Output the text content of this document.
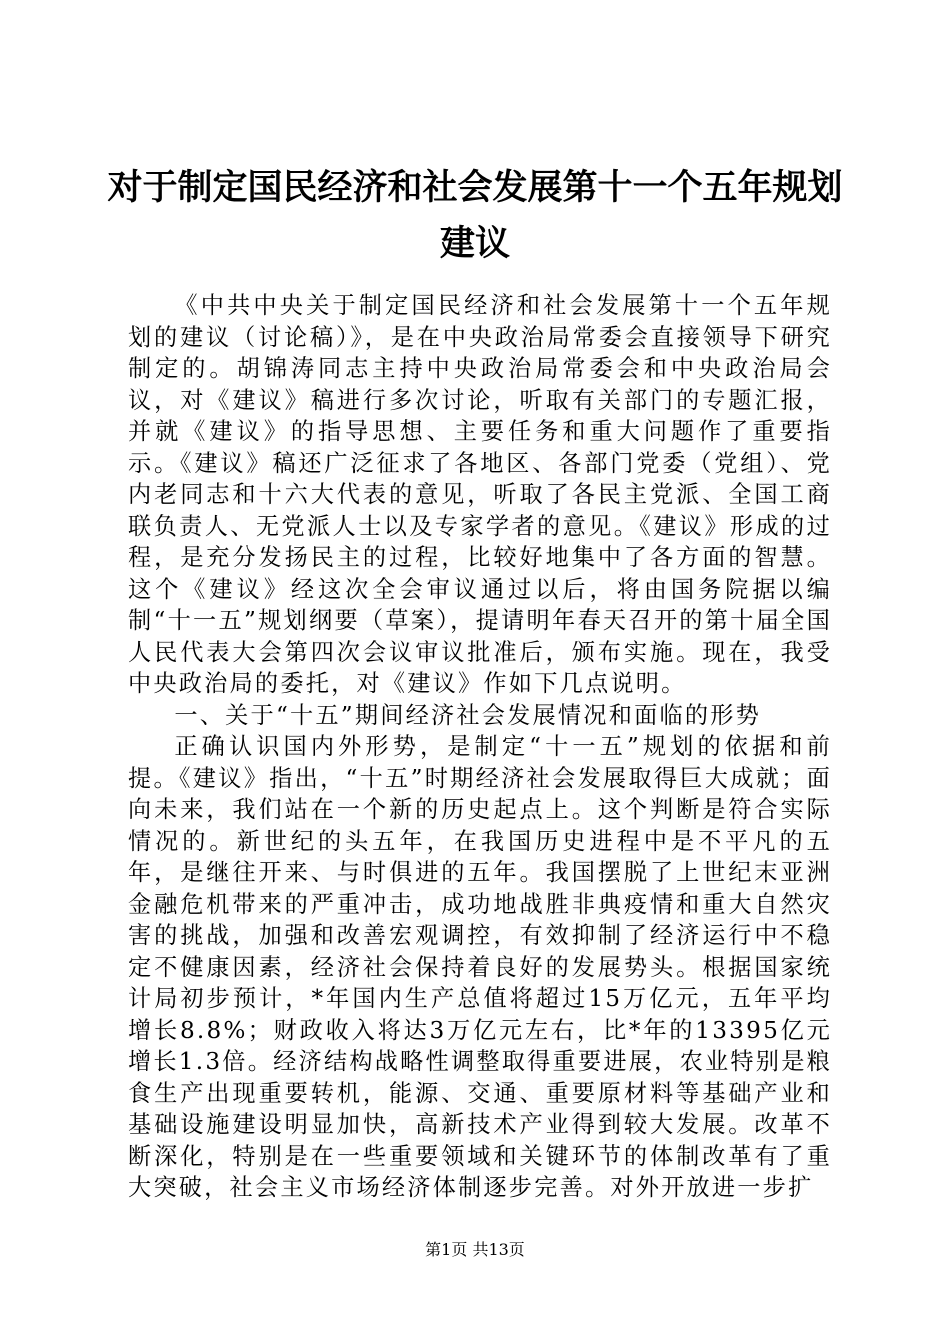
对于制定国民经济和社会发展第十一个五年规划建议

《中共中央关于制定国民经济和社会发展第十一个五年规划的建议（讨论稿）》，是在中央政治局常委会直接领导下研究制定的。胡锦涛同志主持中央政治局常委会和中央政治局会议，对《建议》稿进行多次讨论，听取有关部门的专题汇报，并就《建议》的指导思想、主要任务和重大问题作了重要指示。《建议》稿还广泛征求了各地区、各部门党委（党组）、党内老同志和十六大代表的意见，听取了各民主党派、全国工商联负责人、无党派人士以及专家学者的意见。《建议》形成的过程，是充分发扬民主的过程，比较好地集中了各方面的智慧。这个《建议》经这次全会审议通过以后，将由国务院据以编制“十一五”规划纲要（草案），提请明年春天召开的第十届全国人民代表大会第四次会议审议批准后，颁布实施。现在，我受中央政治局的委托，对《建议》作如下几点说明。

一、关于“十五”期间经济社会发展情况和面临的形势

正确认识国内外形势，是制定“十一五”规划的依据和前提。《建议》指出，“十五”时期经济社会发展取得巨大成就；面向未来，我们站在一个新的历史起点上。这个判断是符合实际情况的。新世纪的头五年，在我国历史进程中是不平凡的五年，是继往开来、与时俱进的五年。我国摆脱了上世纪末亚洲金融危机带来的严重冲击，成功地战胜非典疫情和重大自然灾害的挑战，加强和改善宏观调控，有效抑制了经济运行中不稳定不健康因素，经济社会保持着良好的发展势头。根据国家统计局初步预计，*年国内生产总值将超过15万亿元，五年平均增长8.8%；财政收入将达3万亿元左右，比*年的13395亿元增长1.3倍。经济结构战略性调整取得重要进展，农业特别是粮食生产出现重要转机，能源、交通、重要原材料等基础产业和基础设施建设明显加快，高新技术产业得到较大发展。改革不断深化，特别是在一些重要领域和关键环节的体制改革有了重大突破，社会主义市场经济体制逐步完善。对外开放进一步扩

第1页 共13页
